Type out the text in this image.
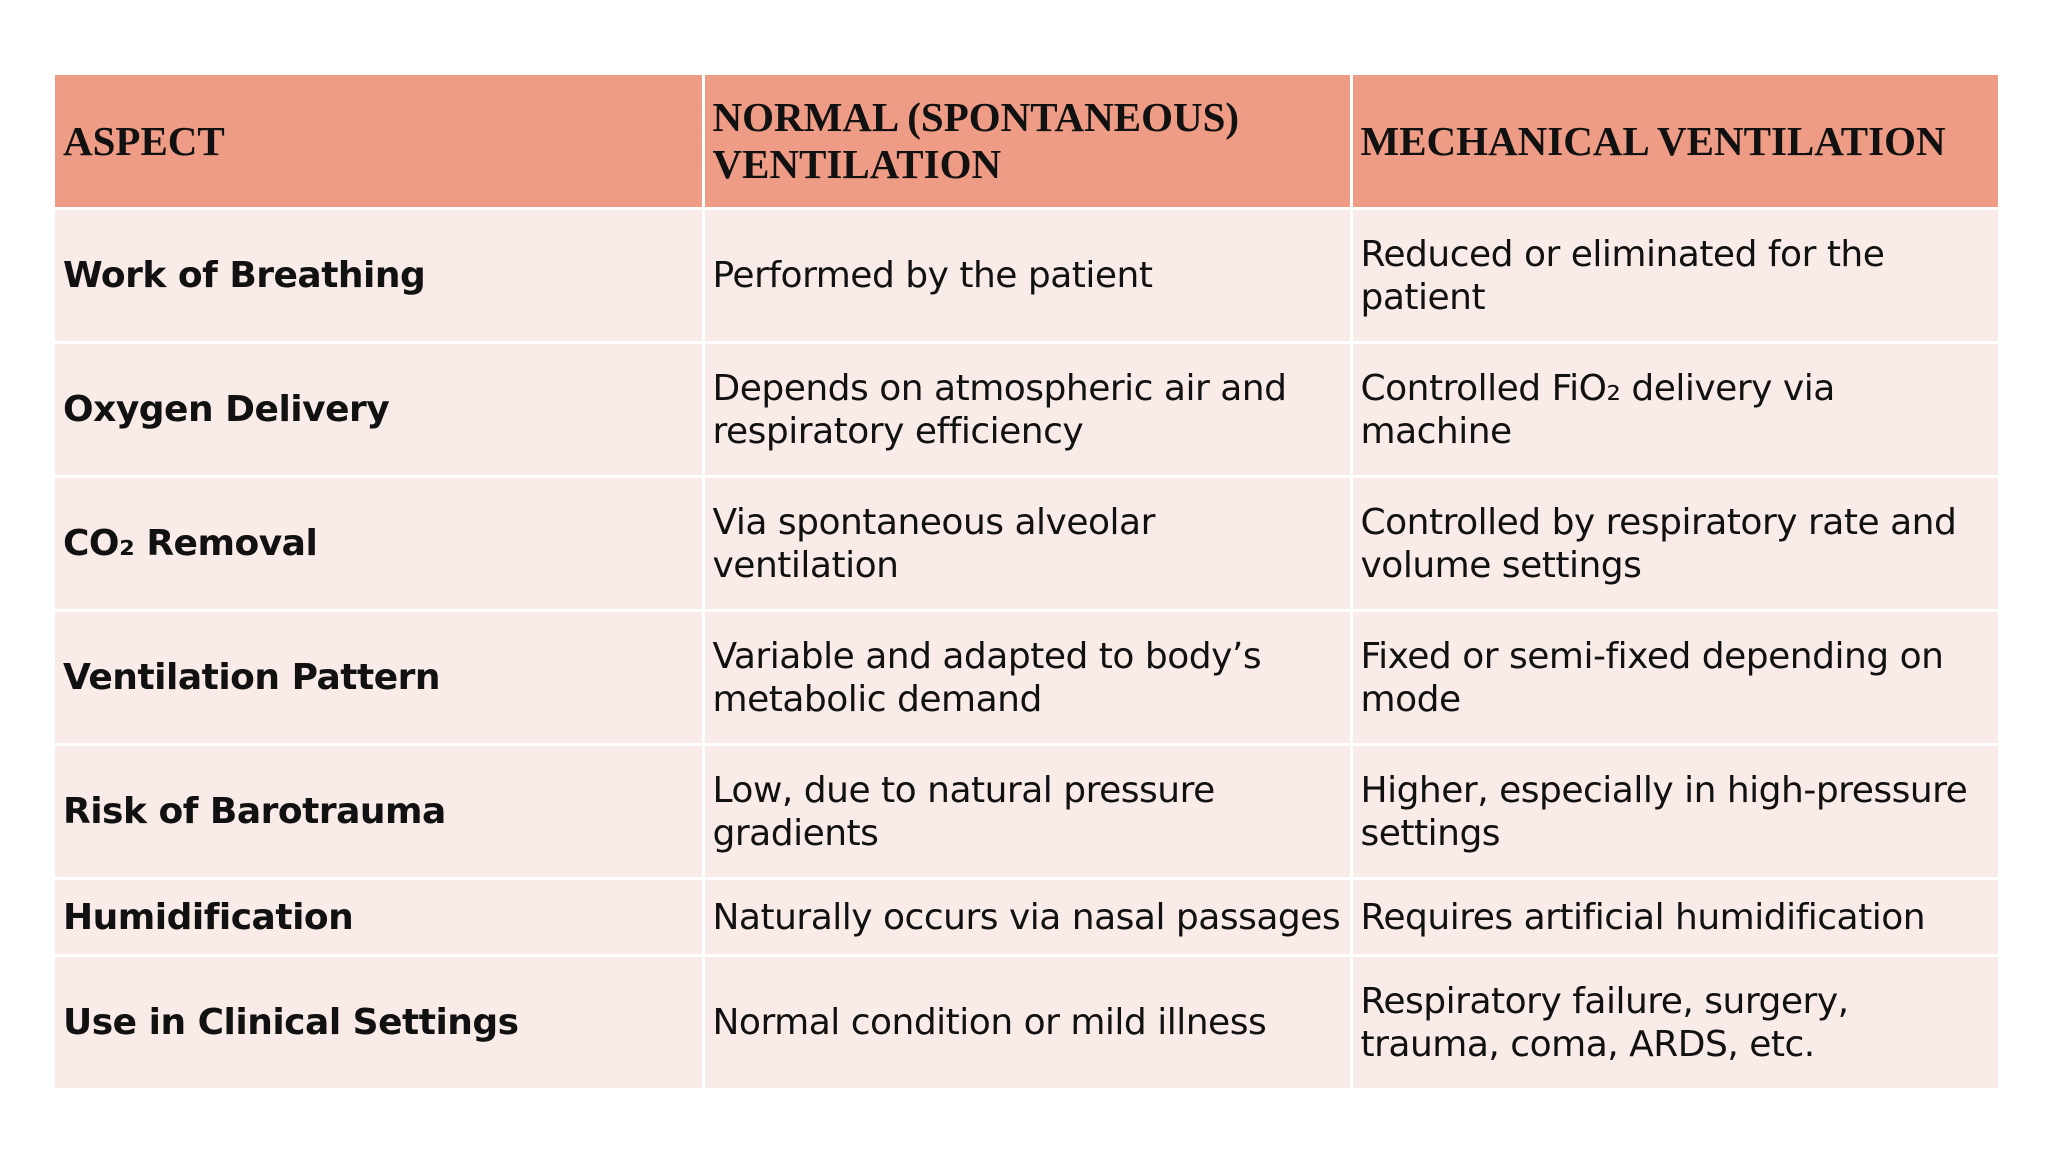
ASPECT	NORMAL (SPONTANEOUS) VENTILATION	MECHANICAL VENTILATION
Work of Breathing	Performed by the patient	Reduced or eliminated for the patient
Oxygen Delivery	Depends on atmospheric air and respiratory efficiency	Controlled FiO₂ delivery via machine
CO₂ Removal	Via spontaneous alveolar ventilation	Controlled by respiratory rate and volume settings
Ventilation Pattern	Variable and adapted to body’s metabolic demand	Fixed or semi-fixed depending on mode
Risk of Barotrauma	Low, due to natural pressure gradients	Higher, especially in high-pressure settings
Humidification	Naturally occurs via nasal passages	Requires artificial humidification
Use in Clinical Settings	Normal condition or mild illness	Respiratory failure, surgery, trauma, coma, ARDS, etc.
